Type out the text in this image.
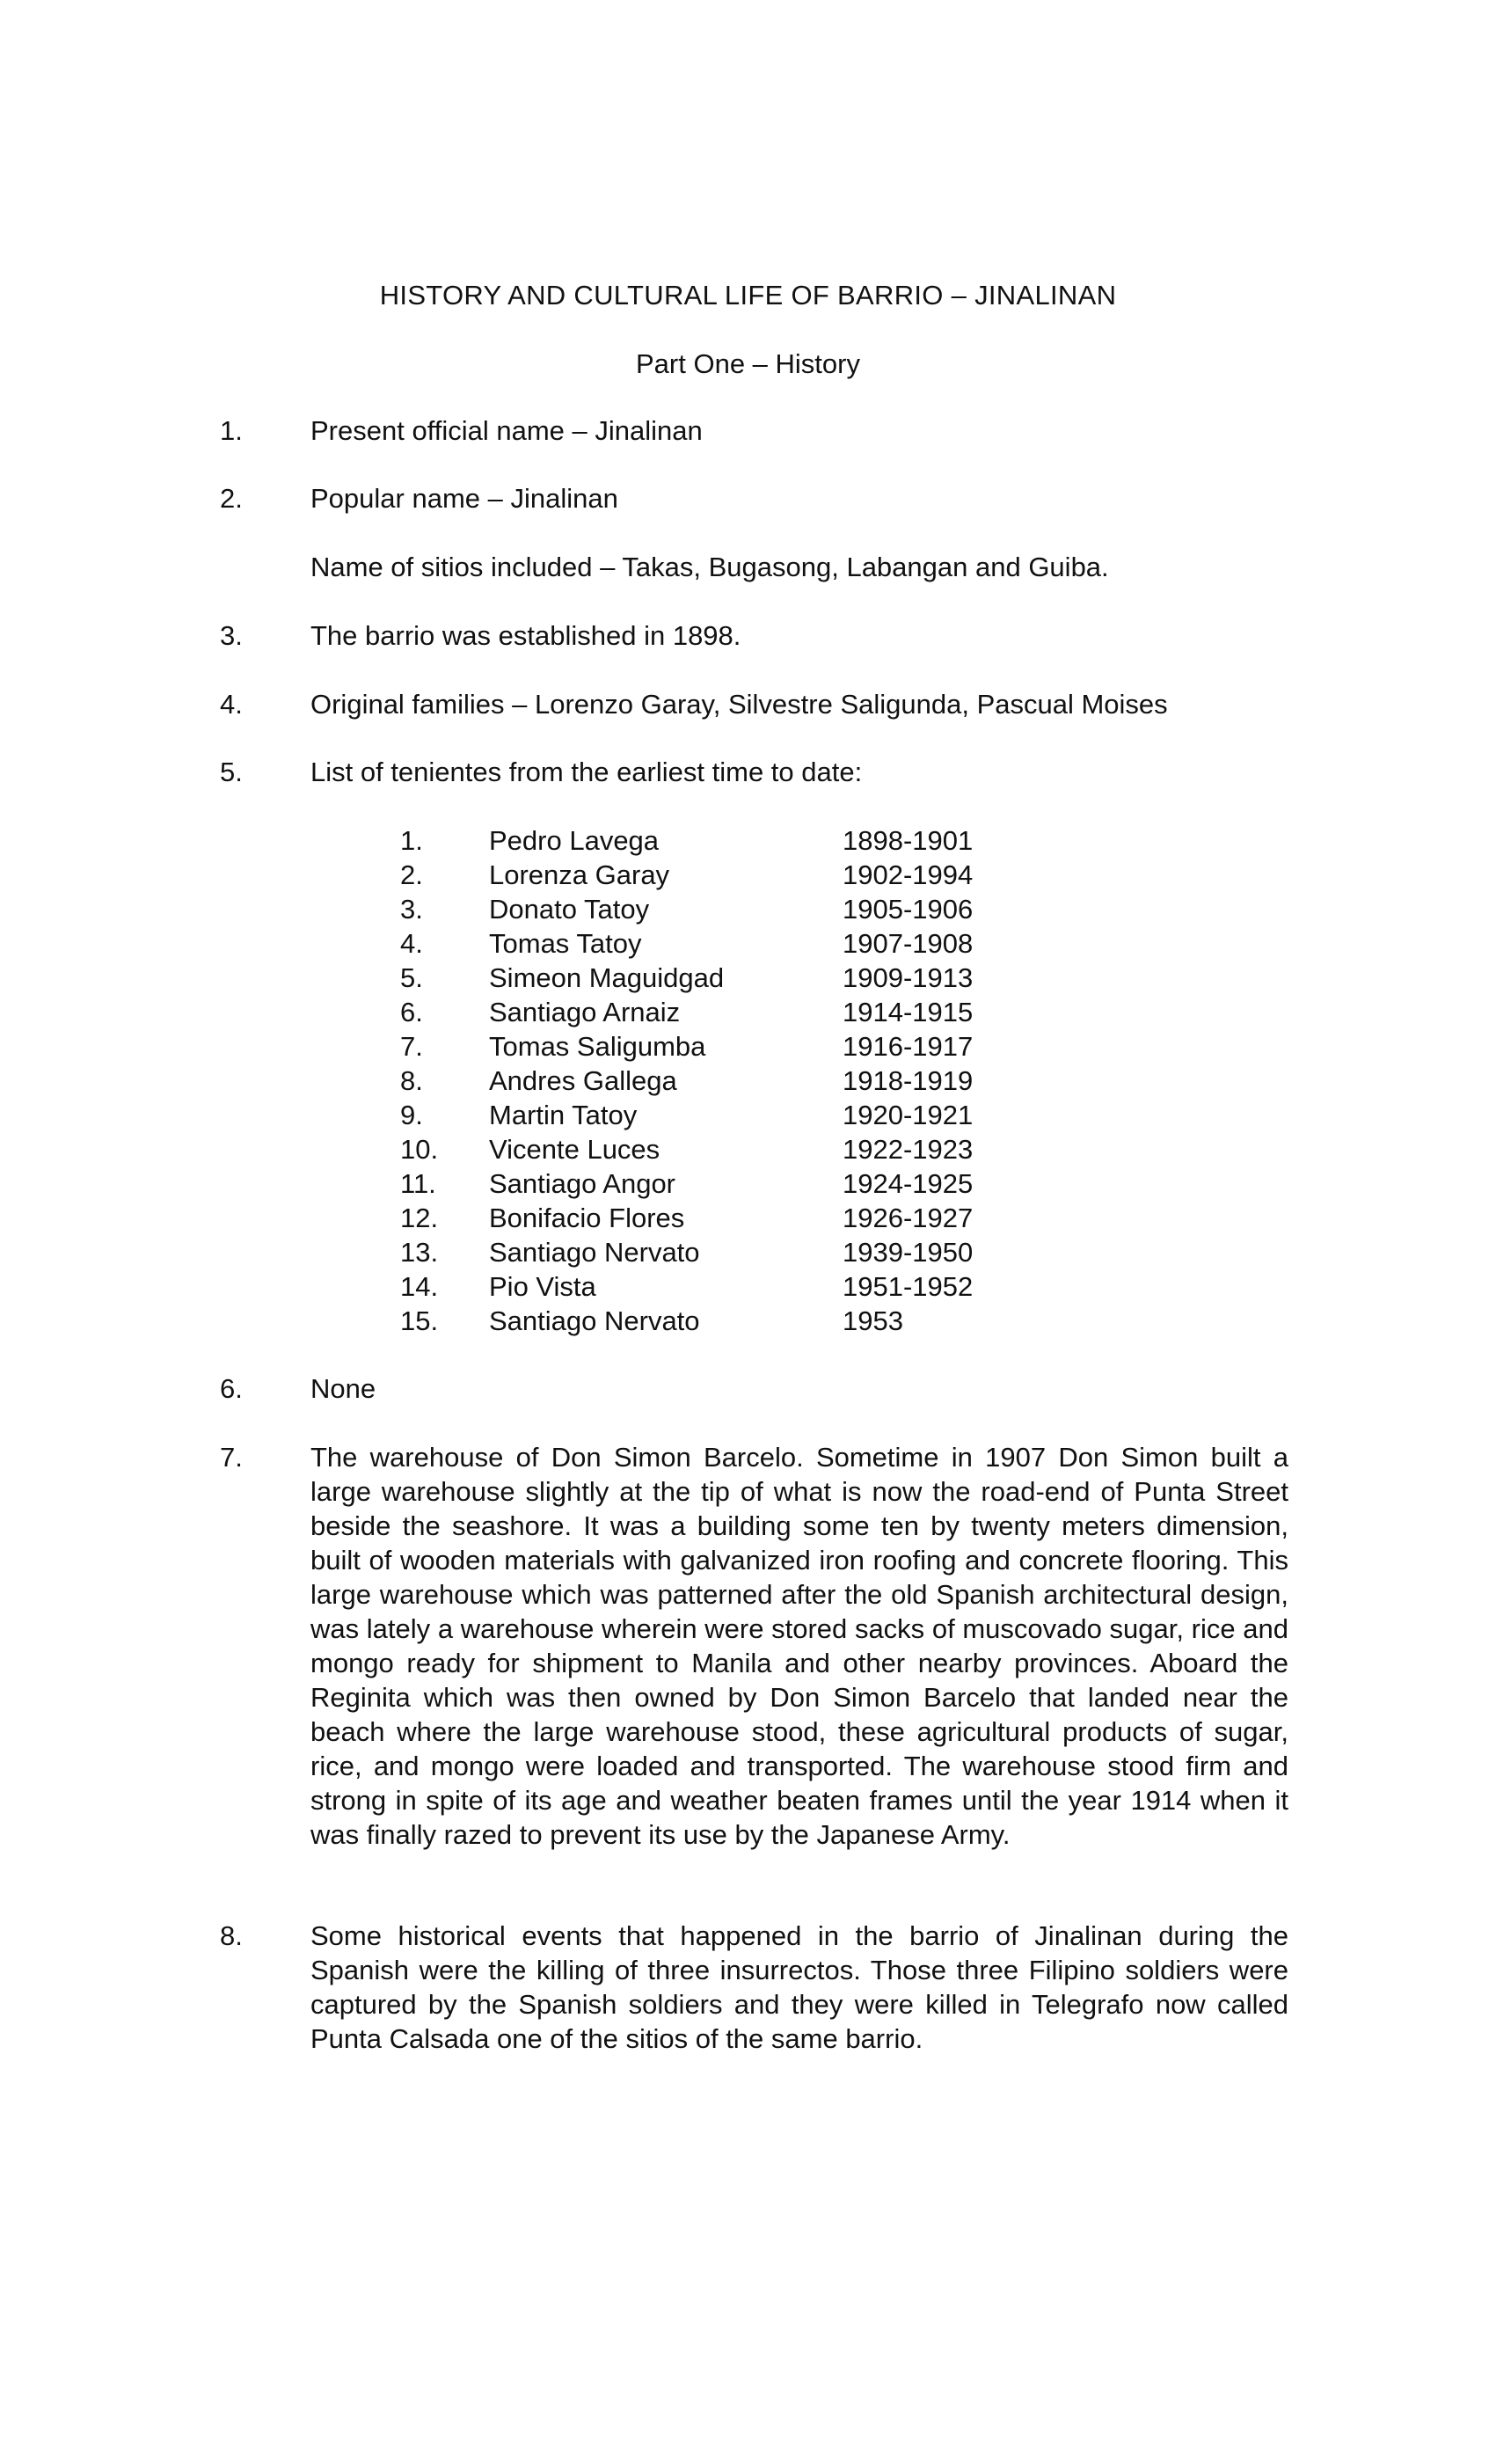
HISTORY AND CULTURAL LIFE OF BARRIO – JINALINAN
Part One – History
1. Present official name – Jinalinan
2. Popular name – Jinalinan
Name of sitios included – Takas, Bugasong, Labangan and Guiba.
3. The barrio was established in 1898.
4. Original families – Lorenzo Garay, Silvestre Saligunda, Pascual Moises
5. List of tenientes from the earliest time to date:
1. Pedro Lavega	1898-1901
2. Lorenza Garay	1902-1994
3. Donato Tatoy	1905-1906
4. Tomas Tatoy	1907-1908
5. Simeon Maguidgad	1909-1913
6. Santiago Arnaiz	1914-1915
7. Tomas Saligumba	1916-1917
8. Andres Gallega	1918-1919
9. Martin Tatoy	1920-1921
10. Vicente Luces	1922-1923
11. Santiago Angor	1924-1925
12. Bonifacio Flores	1926-1927
13. Santiago Nervato	1939-1950
14. Pio Vista	1951-1952
15. Santiago Nervato	1953
6. None
7. The warehouse of Don Simon Barcelo. Sometime in 1907 Don Simon built a large warehouse slightly at the tip of what is now the road-end of Punta Street beside the seashore. It was a building some ten by twenty meters dimension, built of wooden materials with galvanized iron roofing and concrete flooring. This large warehouse which was patterned after the old Spanish architectural design, was lately a warehouse wherein were stored sacks of muscovado sugar, rice and mongo ready for shipment to Manila and other nearby provinces. Aboard the Reginita which was then owned by Don Simon Barcelo that landed near the beach where the large warehouse stood, these agricultural products of sugar, rice, and mongo were loaded and transported. The warehouse stood firm and strong in spite of its age and weather beaten frames until the year 1914 when it was finally razed to prevent its use by the Japanese Army.
8. Some historical events that happened in the barrio of Jinalinan during the Spanish were the killing of three insurrectos. Those three Filipino soldiers were captured by the Spanish soldiers and they were killed in Telegrafo now called Punta Calsada one of the sitios of the same barrio.
